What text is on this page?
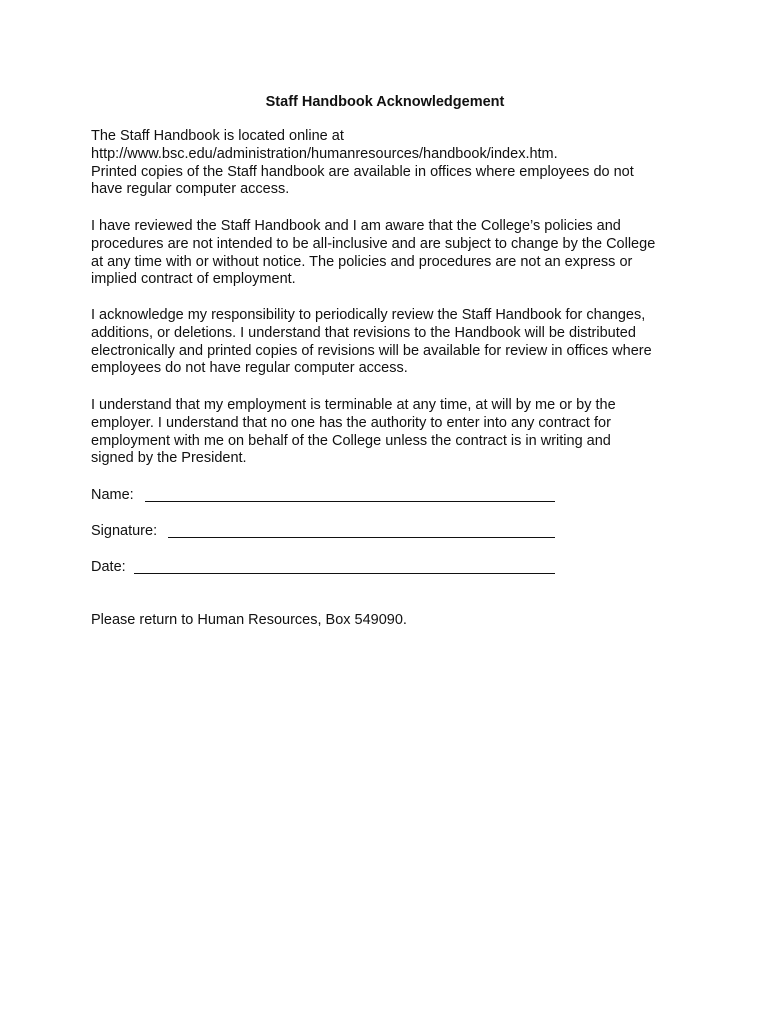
Staff Handbook Acknowledgement

The Staff Handbook is located online at
http://www.bsc.edu/administration/humanresources/handbook/index.htm.
Printed copies of the Staff handbook are available in offices where employees do not
have regular computer access.

I have reviewed the Staff Handbook and I am aware that the College’s policies and
procedures are not intended to be all-inclusive and are subject to change by the College
at any time with or without notice. The policies and procedures are not an express or
implied contract of employment.

I acknowledge my responsibility to periodically review the Staff Handbook for changes,
additions, or deletions. I understand that revisions to the Handbook will be distributed
electronically and printed copies of revisions will be available for review in offices where
employees do not have regular computer access.

I understand that my employment is terminable at any time, at will by me or by the
employer. I understand that no one has the authority to enter into any contract for
employment with me on behalf of the College unless the contract is in writing and
signed by the President.

Name:
Signature:
Date:

Please return to Human Resources, Box 549090.
